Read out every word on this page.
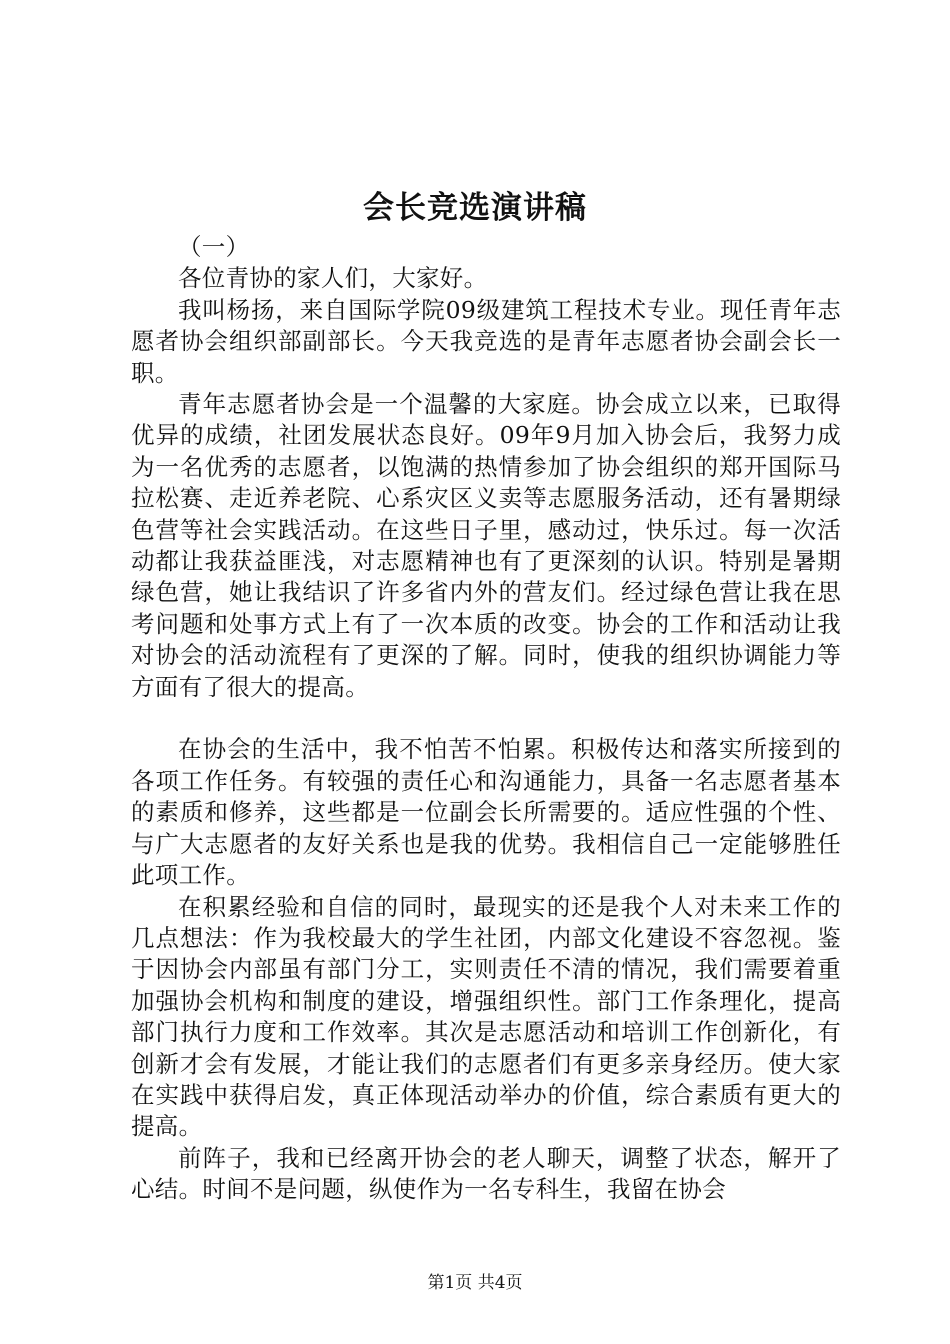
会长竞选演讲稿

（一）

各位青协的家人们，大家好。

我叫杨扬，来自国际学院09级建筑工程技术专业。现任青年志愿者协会组织部副部长。今天我竞选的是青年志愿者协会副会长一职。

青年志愿者协会是一个温馨的大家庭。协会成立以来，已取得优异的成绩，社团发展状态良好。09年9月加入协会后，我努力成为一名优秀的志愿者，以饱满的热情参加了协会组织的郑开国际马拉松赛、走近养老院、心系灾区义卖等志愿服务活动，还有暑期绿色营等社会实践活动。在这些日子里，感动过，快乐过。每一次活动都让我获益匪浅，对志愿精神也有了更深刻的认识。特别是暑期绿色营，她让我结识了许多省内外的营友们。经过绿色营让我在思考问题和处事方式上有了一次本质的改变。协会的工作和活动让我对协会的活动流程有了更深的了解。同时，使我的组织协调能力等方面有了很大的提高。

在协会的生活中，我不怕苦不怕累。积极传达和落实所接到的各项工作任务。有较强的责任心和沟通能力，具备一名志愿者基本的素质和修养，这些都是一位副会长所需要的。适应性强的个性、与广大志愿者的友好关系也是我的优势。我相信自己一定能够胜任此项工作。

在积累经验和自信的同时，最现实的还是我个人对未来工作的几点想法：作为我校最大的学生社团，内部文化建设不容忽视。鉴于因协会内部虽有部门分工，实则责任不清的情况，我们需要着重加强协会机构和制度的建设，增强组织性。部门工作条理化，提高部门执行力度和工作效率。其次是志愿活动和培训工作创新化，有创新才会有发展，才能让我们的志愿者们有更多亲身经历。使大家在实践中获得启发，真正体现活动举办的价值，综合素质有更大的提高。

前阵子，我和已经离开协会的老人聊天，调整了状态，解开了心结。时间不是问题，纵使作为一名专科生，我留在协会

第1页 共4页
